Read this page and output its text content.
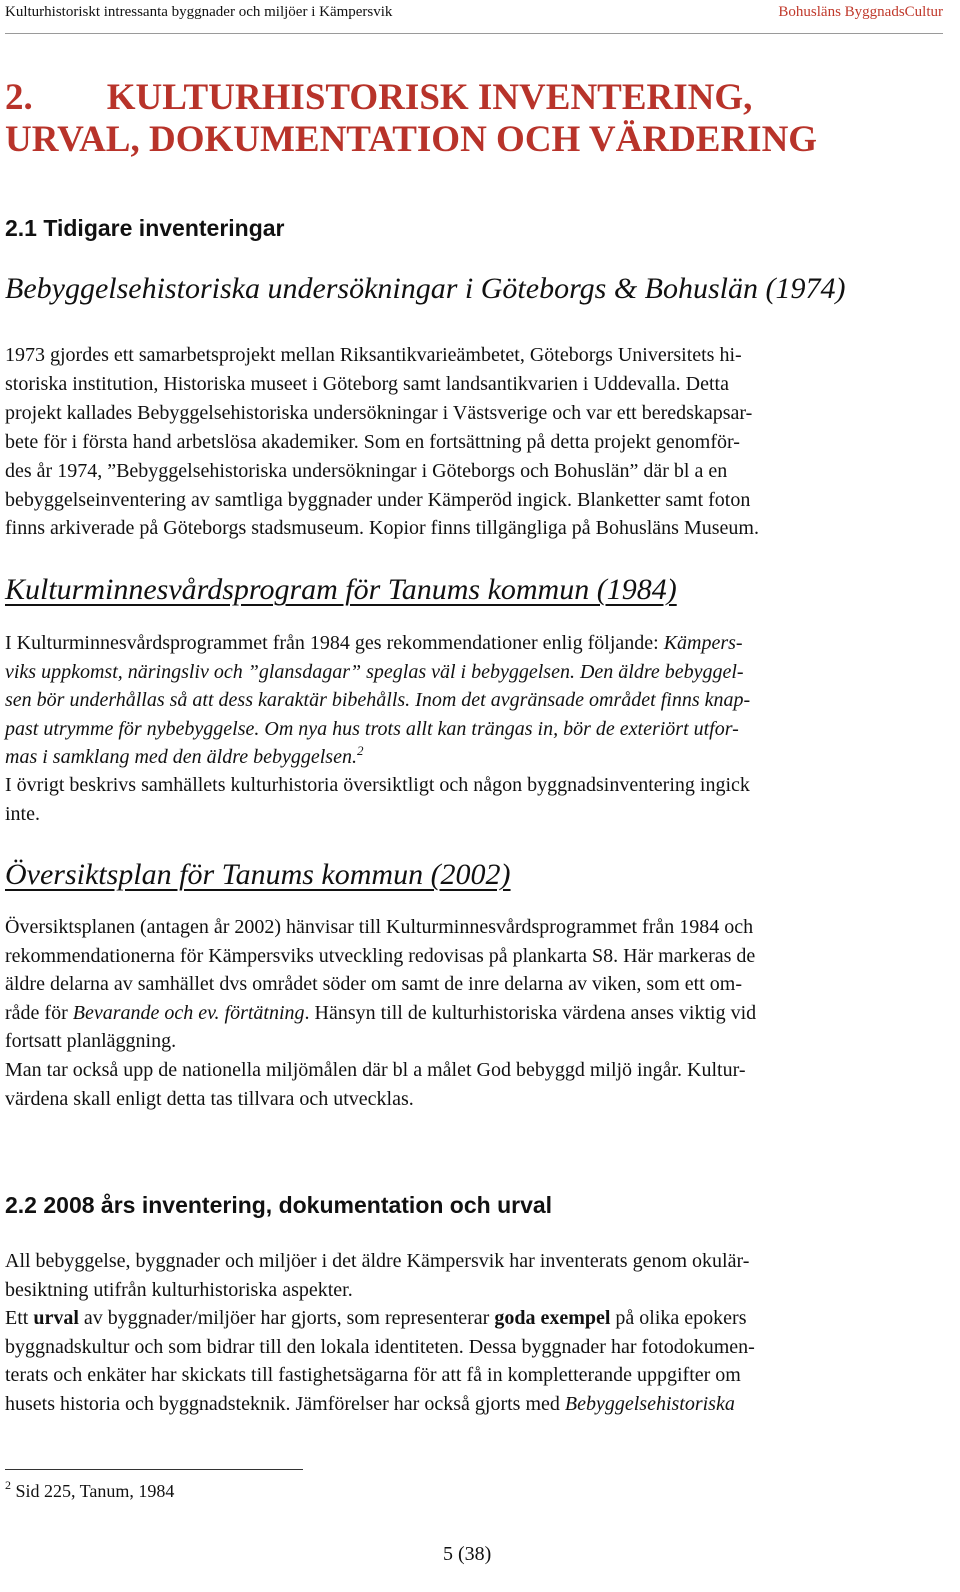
Kulturhistoriskt intressanta byggnader och miljöer i Kämpersvik	Bohusläns ByggnadsCultur
2.        KULTURHISTORISK INVENTERING,
URVAL, DOKUMENTATION OCH VÄRDERING
2.1 Tidigare inventeringar
Bebyggelsehistoriska undersökningar i Göteborgs & Bohuslän (1974)
1973 gjordes ett samarbetsprojekt mellan Riksantikvarieämbetet, Göteborgs Universitets hi-
storiska institution, Historiska museet i Göteborg samt landsantikvarien i Uddevalla. Detta
projekt kallades Bebyggelsehistoriska undersökningar i Västsverige och var ett beredskapsar-
bete för i första hand arbetslösa akademiker. Som en fortsättning på detta projekt genomför-
des år 1974, ”Bebyggelsehistoriska undersökningar i Göteborgs och Bohuslän” där bl a en
bebyggelseinventering av samtliga byggnader under Kämperöd ingick. Blanketter samt foton
finns arkiverade på Göteborgs stadsmuseum. Kopior finns tillgängliga på Bohusläns Museum.
Kulturminnesvårdsprogram för Tanums kommun (1984)
I Kulturminnesvårdsprogrammet från 1984 ges rekommendationer enlig följande: Kämpers-
viks uppkomst, näringsliv och ”glansdagar” speglas väl i bebyggelsen. Den äldre bebyggel-
sen bör underhållas så att dess karaktär bibehålls. Inom det avgränsade området finns knap-
past utrymme för nybebyggelse. Om nya hus trots allt kan trängas in, bör de exteriört utfor-
mas i samklang med den äldre bebyggelsen.$^2$
I övrigt beskrivs samhällets kulturhistoria översiktligt och någon byggnadsinventering ingick
inte.
Översiktsplan för Tanums kommun (2002)
Översiktsplanen (antagen år 2002) hänvisar till Kulturminnesvårdsprogrammet från 1984 och
rekommendationerna för Kämpersviks utveckling redovisas på plankarta S8. Här markeras de
äldre delarna av samhället dvs området söder om samt de inre delarna av viken, som ett om-
råde för Bevarande och ev. förtätning. Hänsyn till de kulturhistoriska värdena anses viktig vid
fortsatt planläggning.
Man tar också upp de nationella miljömålen där bl a målet God bebyggd miljö ingår. Kultur-
värdena skall enligt detta tas tillvara och utvecklas.
2.2 2008 års inventering, dokumentation och urval
All bebyggelse, byggnader och miljöer i det äldre Kämpersvik har inventerats genom okulär-
besiktning utifrån kulturhistoriska aspekter.
Ett urval av byggnader/miljöer har gjorts, som representerar goda exempel på olika epokers
byggnadskultur och som bidrar till den lokala identiteten. Dessa byggnader har fotodokumen-
terats och enkäter har skickats till fastighetsägarna för att få in kompletterande uppgifter om
husets historia och byggnadsteknik. Jämförelser har också gjorts med Bebyggelsehistoriska
$^2$ Sid 225, Tanum, 1984
5 (38)
